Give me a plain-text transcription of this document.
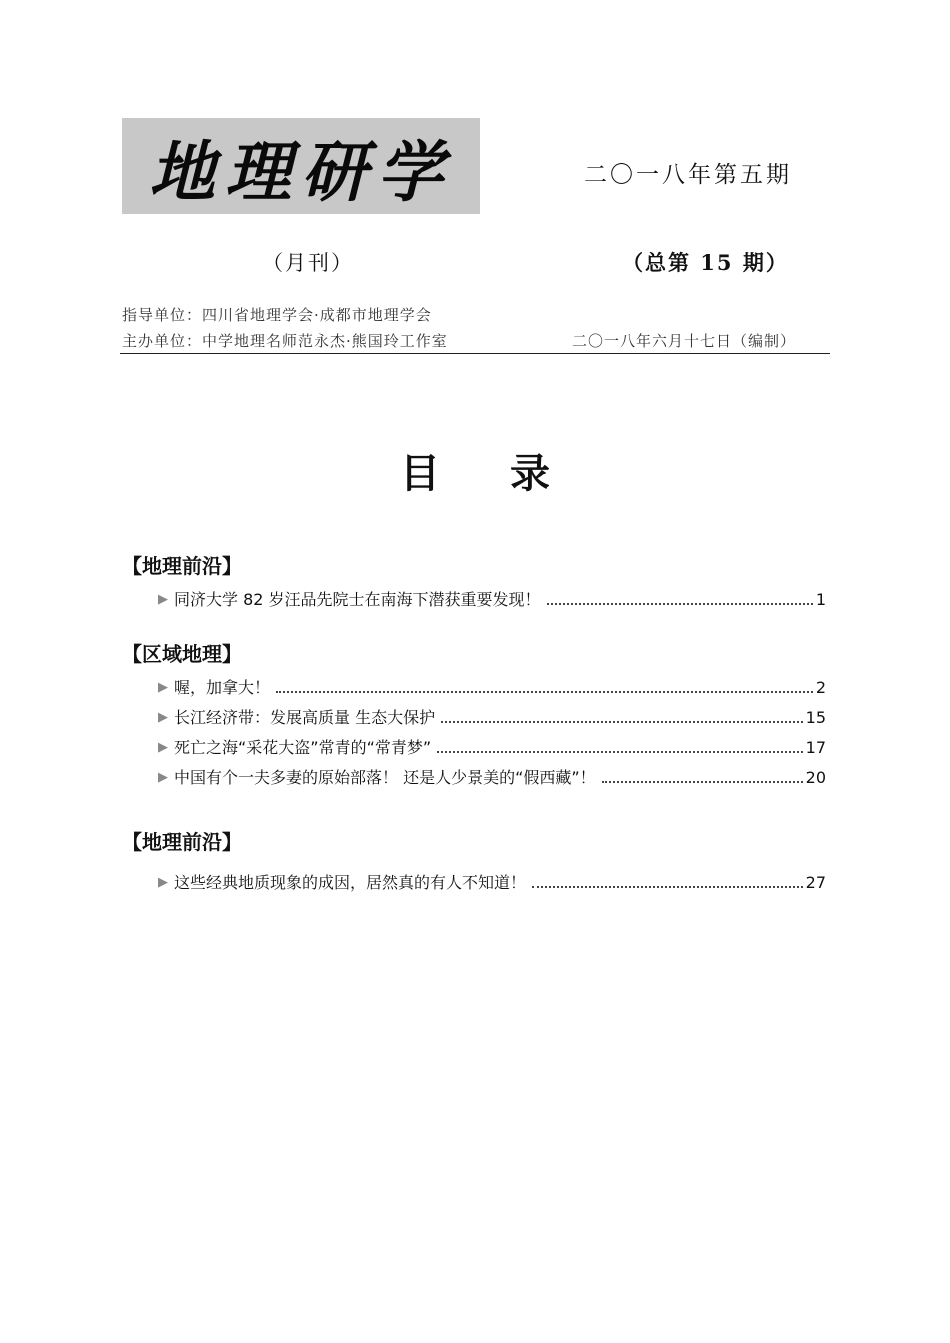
地理研学	二〇一八年第五期
（月刊）	（总第 15 期）
指导单位：四川省地理学会·成都市地理学会
主办单位：中学地理名师范永杰·熊国玲工作室	二〇一八年六月十七日（编制）
目 录
【地理前沿】
▶ 同济大学 82 岁汪品先院士在南海下潜获重要发现！	1
【区域地理】
▶ 喔，加拿大！	2
▶ 长江经济带：发展高质量 生态大保护	15
▶ 死亡之海“采花大盗”常青的“常青梦”	17
▶ 中国有个一夫多妻的原始部落！ 还是人少景美的“假西藏”！	20
【地理前沿】
▶ 这些经典地质现象的成因，居然真的有人不知道！	27
